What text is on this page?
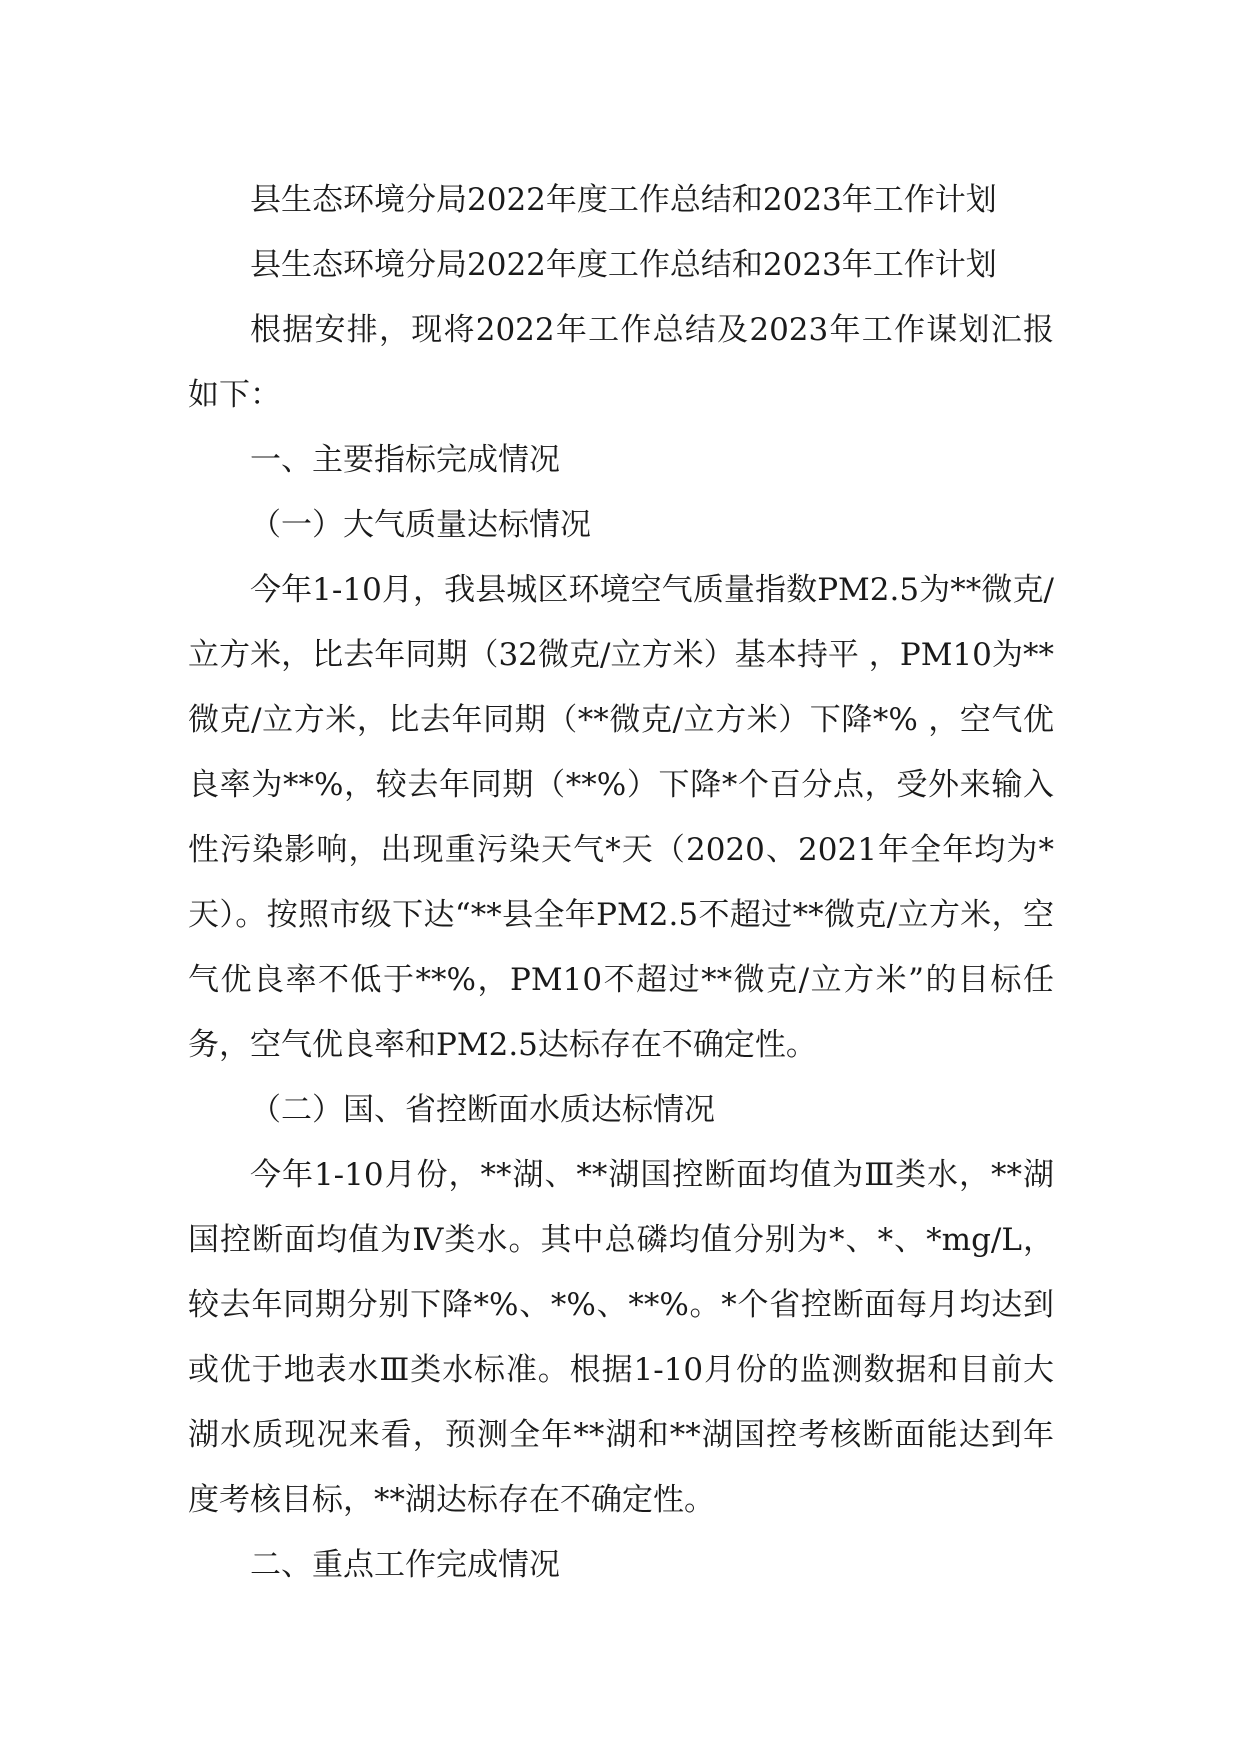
县生态环境分局2022年度工作总结和2023年工作计划

县生态环境分局2022年度工作总结和2023年工作计划

根据安排，现将2022年工作总结及2023年工作谋划汇报如下：

一、主要指标完成情况

（一）大气质量达标情况

今年1-10月，我县城区环境空气质量指数PM2.5为**微克/立方米，比去年同期（32微克/立方米）基本持平 ，PM10为**微克/立方米，比去年同期（**微克/立方米）下降*% ，空气优良率为**%，较去年同期（**%）下降*个百分点，受外来输入性污染影响，出现重污染天气*天（2020、2021年全年均为*天）。按照市级下达“**县全年PM2.5不超过**微克/立方米，空气优良率不低于**%，PM10不超过**微克/立方米”的目标任务，空气优良率和PM2.5达标存在不确定性。

（二）国、省控断面水质达标情况

今年1-10月份，**湖、**湖国控断面均值为Ⅲ类水，**湖国控断面均值为Ⅳ类水。其中总磷均值分别为*、*、*mg/L，较去年同期分别下降*%、*%、**%。*个省控断面每月均达到或优于地表水Ⅲ类水标准。根据1-10月份的监测数据和目前大湖水质现况来看，预测全年**湖和**湖国控考核断面能达到年度考核目标，**湖达标存在不确定性。

二、重点工作完成情况
